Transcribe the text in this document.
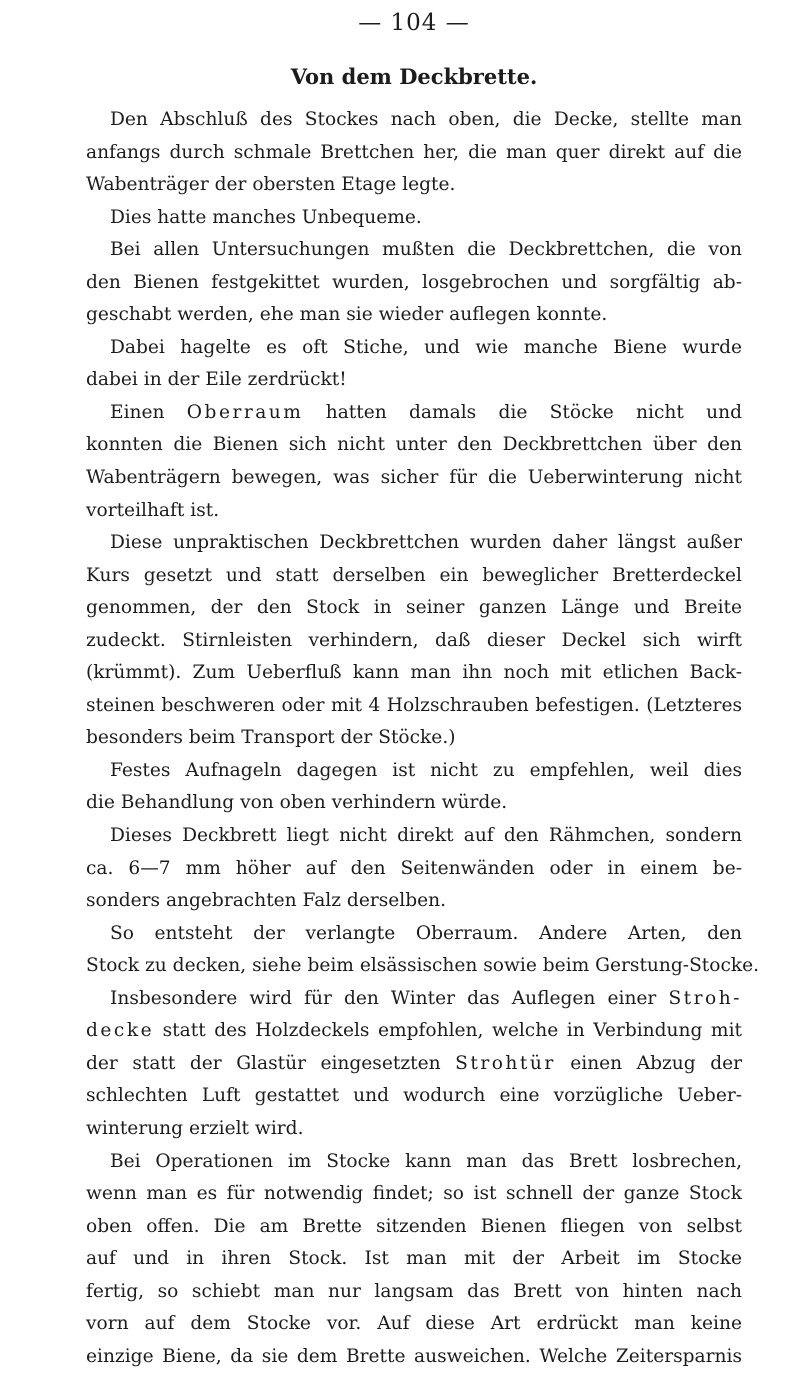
— 104 —
Von dem Deckbrette.
Den Abschluß des Stockes nach oben, die Decke, stellte man
anfangs durch schmale Brettchen her, die man quer direkt auf die
Wabenträger der obersten Etage legte.
Dies hatte manches Unbequeme.
Bei allen Untersuchungen mußten die Deckbrettchen, die von
den Bienen festgekittet wurden, losgebrochen und sorgfältig ab-
geschabt werden, ehe man sie wieder auflegen konnte.
Dabei hagelte es oft Stiche, und wie manche Biene wurde
dabei in der Eile zerdrückt!
Einen Oberraum hatten damals die Stöcke nicht und
konnten die Bienen sich nicht unter den Deckbrettchen über den
Wabenträgern bewegen, was sicher für die Ueberwinterung nicht
vorteilhaft ist.
Diese unpraktischen Deckbrettchen wurden daher längst außer
Kurs gesetzt und statt derselben ein beweglicher Bretterdeckel
genommen, der den Stock in seiner ganzen Länge und Breite
zudeckt. Stirnleisten verhindern, daß dieser Deckel sich wirft
(krümmt). Zum Ueberfluß kann man ihn noch mit etlichen Back-
steinen beschweren oder mit 4 Holzschrauben befestigen. (Letzteres
besonders beim Transport der Stöcke.)
Festes Aufnageln dagegen ist nicht zu empfehlen, weil dies
die Behandlung von oben verhindern würde.
Dieses Deckbrett liegt nicht direkt auf den Rähmchen, sondern
ca. 6—7 mm höher auf den Seitenwänden oder in einem be-
sonders angebrachten Falz derselben.
So entsteht der verlangte Oberraum. Andere Arten, den
Stock zu decken, siehe beim elsässischen sowie beim Gerstung-Stocke.
Insbesondere wird für den Winter das Auflegen einer Stroh-
decke statt des Holzdeckels empfohlen, welche in Verbindung mit
der statt der Glastür eingesetzten Strohtür einen Abzug der
schlechten Luft gestattet und wodurch eine vorzügliche Ueber-
winterung erzielt wird.
Bei Operationen im Stocke kann man das Brett losbrechen,
wenn man es für notwendig findet; so ist schnell der ganze Stock
oben offen. Die am Brette sitzenden Bienen fliegen von selbst
auf und in ihren Stock. Ist man mit der Arbeit im Stocke
fertig, so schiebt man nur langsam das Brett von hinten nach
vorn auf dem Stocke vor. Auf diese Art erdrückt man keine
einzige Biene, da sie dem Brette ausweichen. Welche Zeitersparnis
